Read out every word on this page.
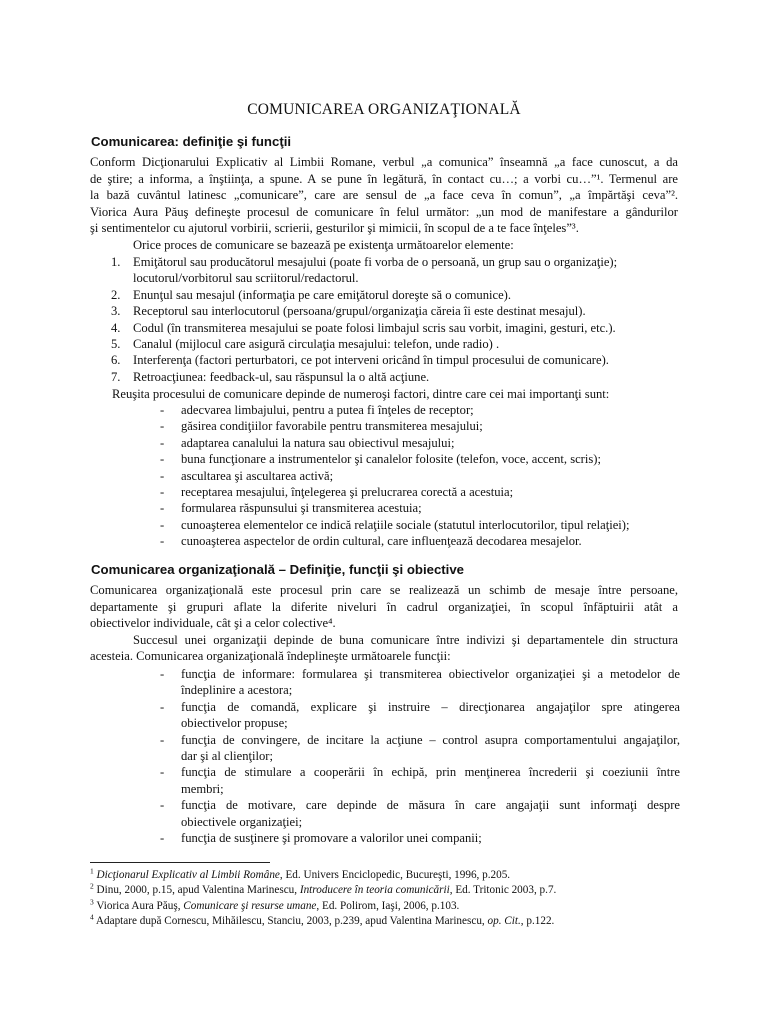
COMUNICAREA ORGANIZAŢIONALĂ
Comunicarea: definiţie şi funcţii
Conform Dicţionarului Explicativ al Limbii Romane, verbul „a comunica” înseamnă „a face cunoscut, a da
de ştire; a informa, a înştiinţa, a spune. A se pune în legătură, în contact cu…; a vorbi cu…”¹. Termenul are
la bază cuvântul latinesc „comunicare”, care are sensul de „a face ceva în comun”, „a împărtăşi ceva”².
Viorica Aura Păuş defineşte procesul de comunicare în felul următor: „un mod de manifestare a gândurilor
şi sentimentelor cu ajutorul vorbirii, scrierii, gesturilor şi mimicii, în scopul de a te face înţeles”³.
Orice proces de comunicare se bazează pe existenţa următoarelor elemente:
1. Emiţătorul sau producătorul mesajului (poate fi vorba de o persoană, un grup sau o organizaţie);
locutorul/vorbitorul sau scriitorul/redactorul.
2. Enunţul sau mesajul (informaţia pe care emiţătorul doreşte să o comunice).
3. Receptorul sau interlocutorul (persoana/grupul/organizaţia căreia îi este destinat mesajul).
4. Codul (în transmiterea mesajului se poate folosi limbajul scris sau vorbit, imagini, gesturi, etc.).
5. Canalul (mijlocul care asigură circulaţia mesajului: telefon, unde radio) .
6. Interferenţa (factori perturbatori, ce pot interveni oricând în timpul procesului de comunicare).
7. Retroacţiunea: feedback-ul, sau răspunsul la o altă acţiune.
Reuşita procesului de comunicare depinde de numeroşi factori, dintre care cei mai importanţi sunt:
- adecvarea limbajului, pentru a putea fi înţeles de receptor;
- găsirea condiţiilor favorabile pentru transmiterea mesajului;
- adaptarea canalului la natura sau obiectivul mesajului;
- buna funcţionare a instrumentelor şi canalelor folosite (telefon, voce, accent, scris);
- ascultarea şi ascultarea activă;
- receptarea mesajului, înţelegerea şi prelucrarea corectă a acestuia;
- formularea răspunsului şi transmiterea acestuia;
- cunoaşterea elementelor ce indică relaţiile sociale (statutul interlocutorilor, tipul relaţiei);
- cunoaşterea aspectelor de ordin cultural, care influenţează decodarea mesajelor.
Comunicarea organizaţională – Definiţie, funcţii şi obiective
Comunicarea organizaţională este procesul prin care se realizează un schimb de mesaje între persoane,
departamente şi grupuri aflate la diferite niveluri în cadrul organizaţiei, în scopul înfăptuirii atât a
obiectivelor individuale, cât şi a celor colective⁴.
Succesul unei organizaţii depinde de buna comunicare între indivizi şi departamentele din structura
acesteia. Comunicarea organizaţională îndeplineşte următoarele funcţii:
- funcţia de informare: formularea şi transmiterea obiectivelor organizaţiei şi a metodelor de
îndeplinire a acestora;
- funcţia de comandă, explicare şi instruire – direcţionarea angajaţilor spre atingerea
obiectivelor propuse;
- funcţia de convingere, de incitare la acţiune – control asupra comportamentului angajaţilor,
dar şi al clienţilor;
- funcţia de stimulare a cooperării în echipă, prin menţinerea încrederii şi coeziunii între
membri;
- funcţia de motivare, care depinde de măsura în care angajaţii sunt informaţi despre
obiectivele organizaţiei;
- funcţia de susţinere şi promovare a valorilor unei companii;
$^1$ Dicţionarul Explicativ al Limbii Române, Ed. Univers Enciclopedic, Bucureşti, 1996, p.205.
$^2$ Dinu, 2000, p.15, apud Valentina Marinescu, Introducere în teoria comunicării, Ed. Tritonic 2003, p.7.
$^3$ Viorica Aura Păuş, Comunicare şi resurse umane, Ed. Polirom, Iaşi, 2006, p.103.
$^4$ Adaptare după Cornescu, Mihăilescu, Stanciu, 2003, p.239, apud Valentina Marinescu, op. Cit., p.122.
